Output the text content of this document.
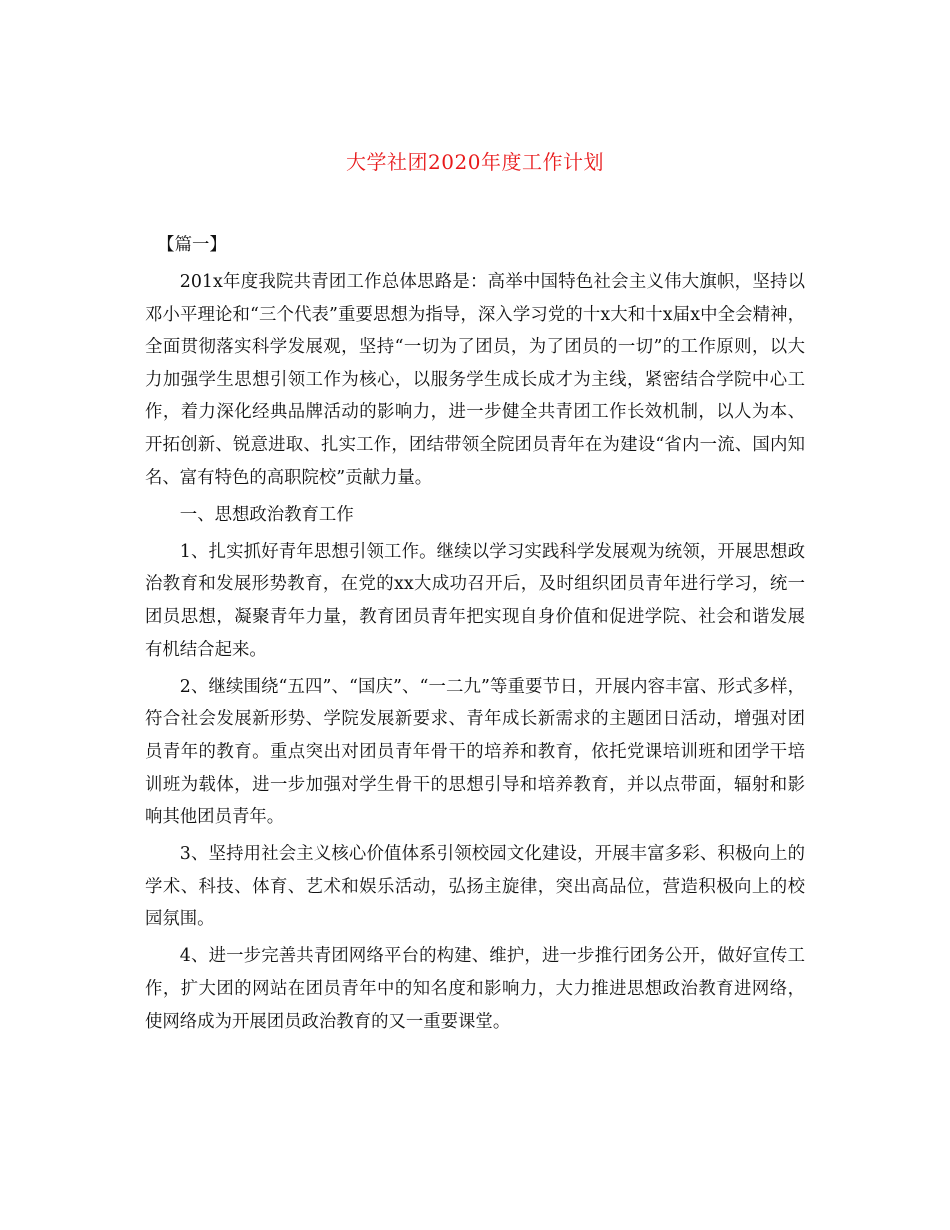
大学社团2020年度工作计划

【篇一】

201x年度我院共青团工作总体思路是：高举中国特色社会主义伟大旗帜，坚持以邓小平理论和“三个代表”重要思想为指导，深入学习党的十x大和十x届x中全会精神，全面贯彻落实科学发展观，坚持“一切为了团员，为了团员的一切”的工作原则，以大力加强学生思想引领工作为核心，以服务学生成长成才为主线，紧密结合学院中心工作，着力深化经典品牌活动的影响力，进一步健全共青团工作长效机制，以人为本、开拓创新、锐意进取、扎实工作，团结带领全院团员青年在为建设“省内一流、国内知名、富有特色的高职院校”贡献力量。

一、思想政治教育工作

1、扎实抓好青年思想引领工作。继续以学习实践科学发展观为统领，开展思想政治教育和发展形势教育，在党的xx大成功召开后，及时组织团员青年进行学习，统一团员思想，凝聚青年力量，教育团员青年把实现自身价值和促进学院、社会和谐发展有机结合起来。

2、继续围绕“五四”、“国庆”、“一二九”等重要节日，开展内容丰富、形式多样，符合社会发展新形势、学院发展新要求、青年成长新需求的主题团日活动，增强对团员青年的教育。重点突出对团员青年骨干的培养和教育，依托党课培训班和团学干培训班为载体，进一步加强对学生骨干的思想引导和培养教育，并以点带面，辐射和影响其他团员青年。

3、坚持用社会主义核心价值体系引领校园文化建设，开展丰富多彩、积极向上的学术、科技、体育、艺术和娱乐活动，弘扬主旋律，突出高品位，营造积极向上的校园氛围。

4、进一步完善共青团网络平台的构建、维护，进一步推行团务公开，做好宣传工作，扩大团的网站在团员青年中的知名度和影响力，大力推进思想政治教育进网络，使网络成为开展团员政治教育的又一重要课堂。
